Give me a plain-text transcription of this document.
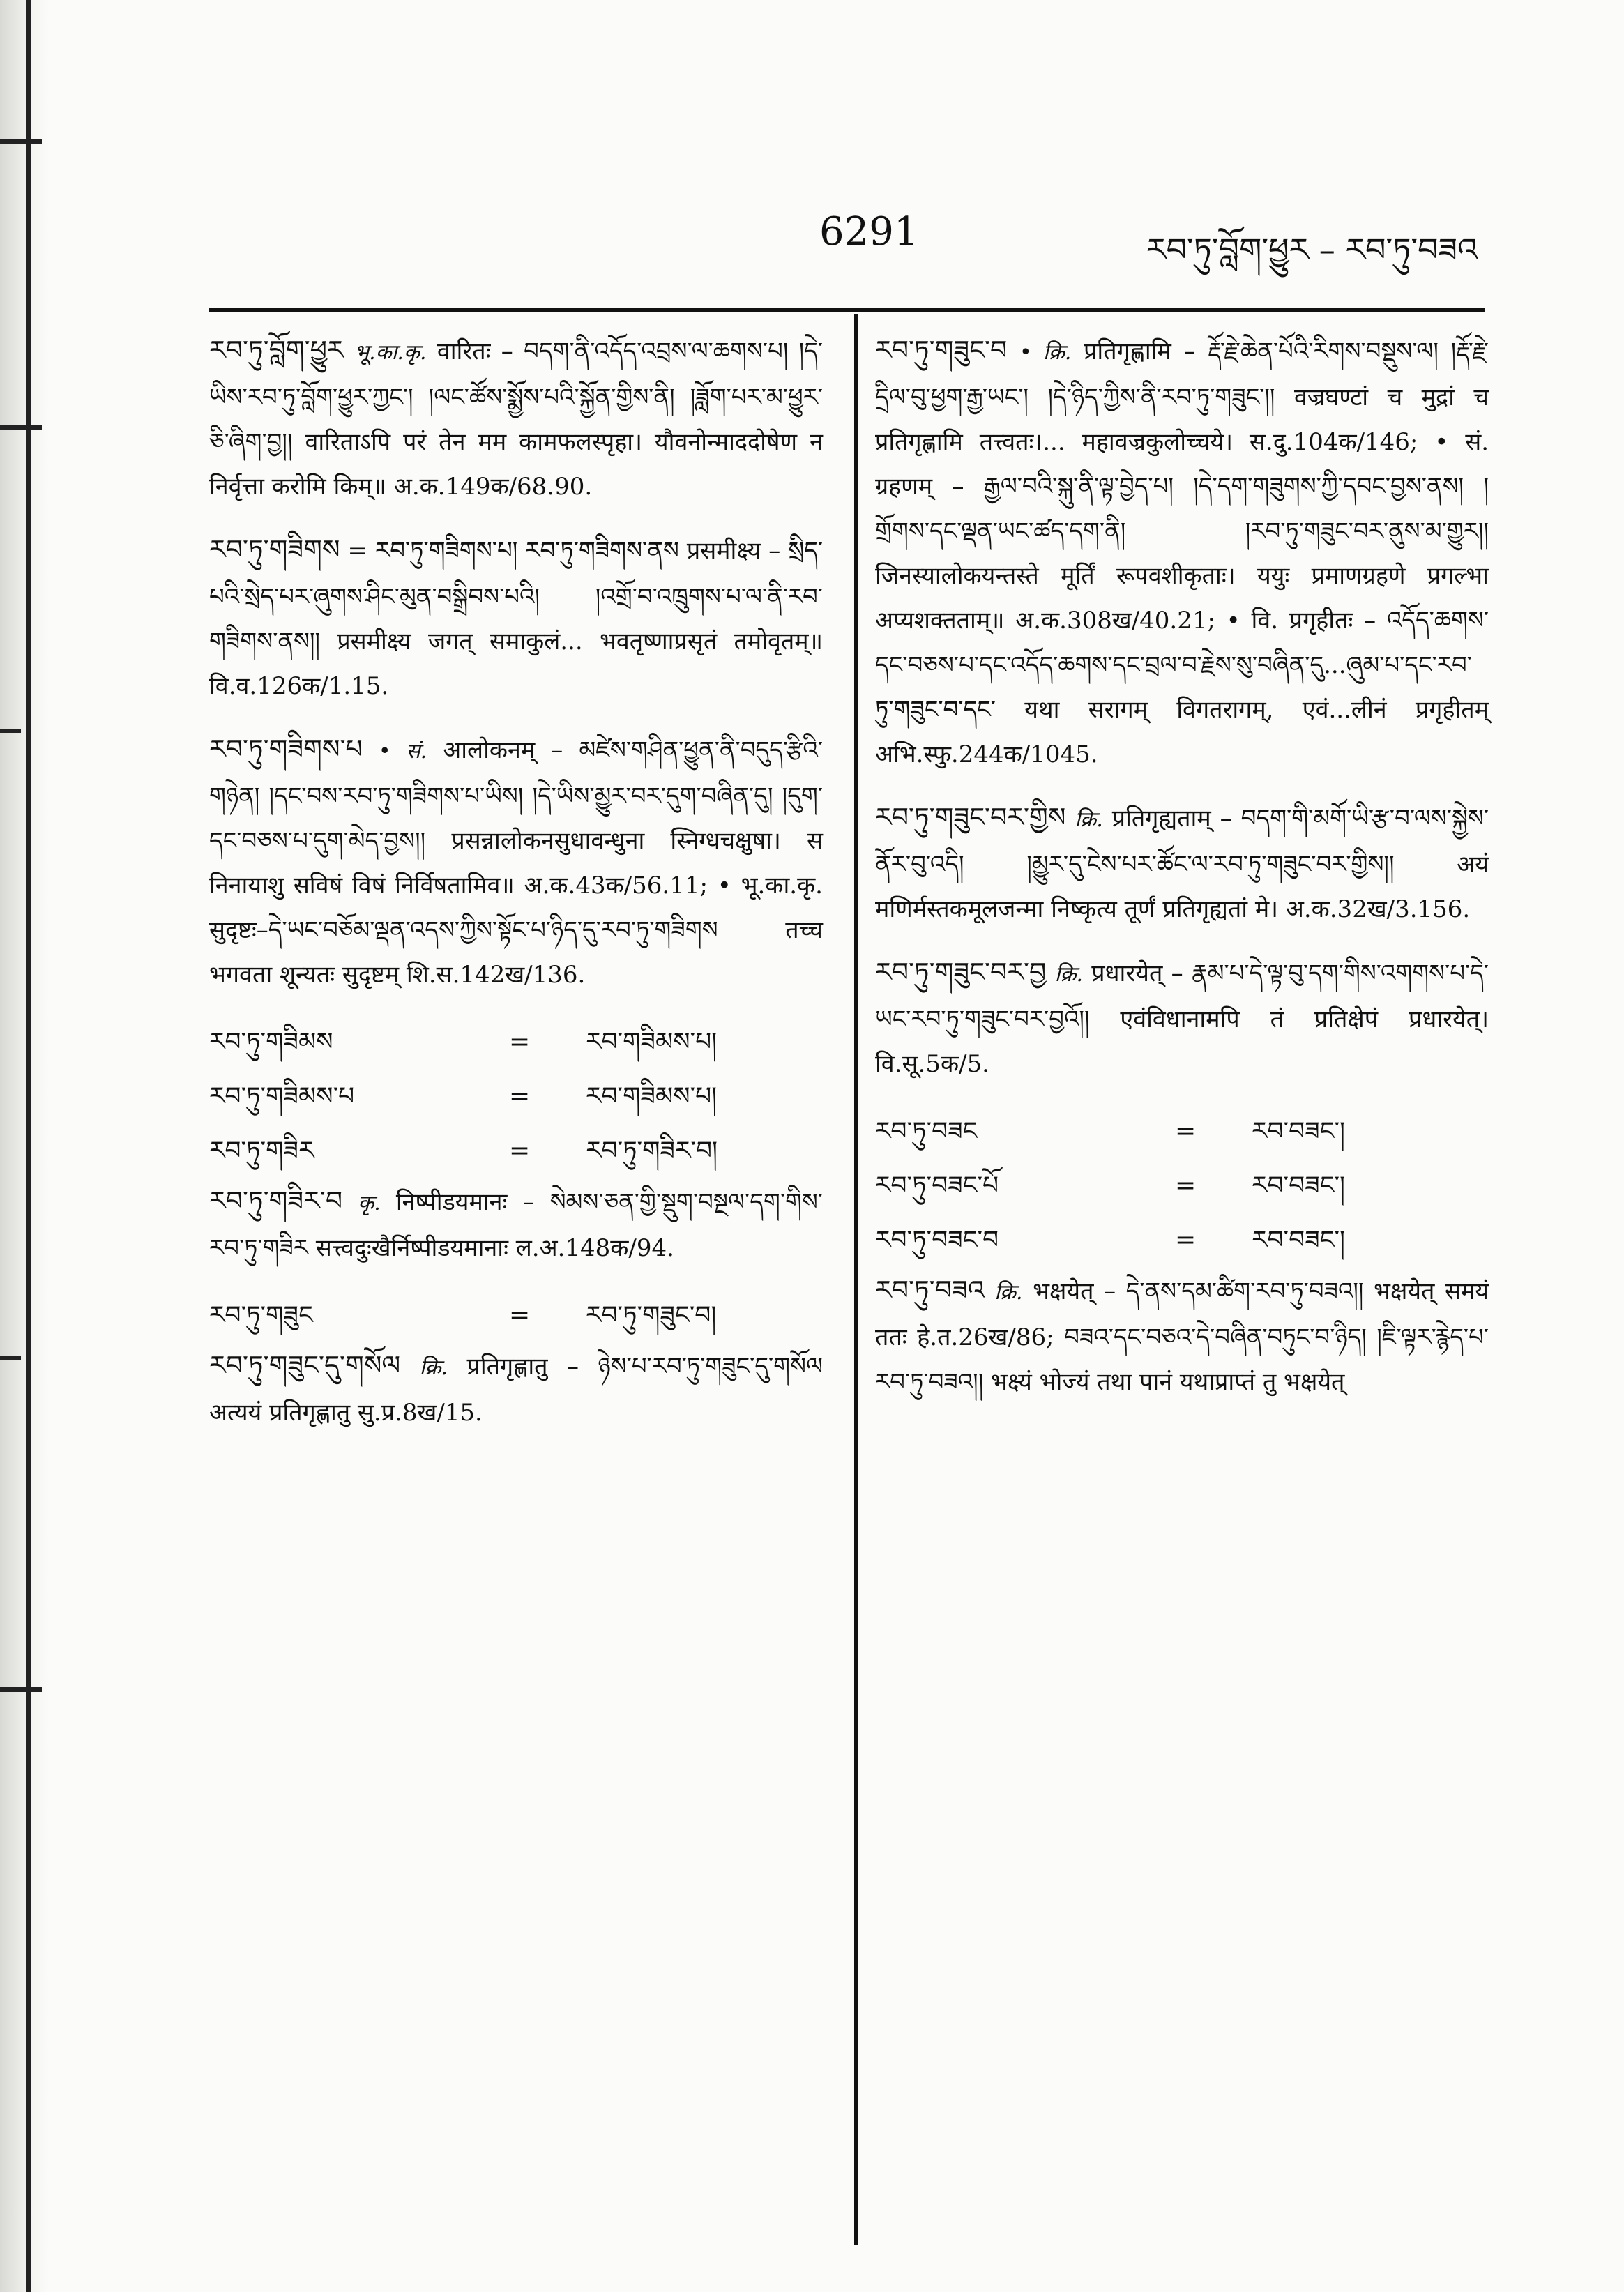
6291	རབ་ཏུ་བློག་ཕྱུར – རབ་ཏུ་བཟའ
རབ་ཏུ་བློག་ཕྱུར भू.का.कृ. वारितः – བདག་ནི་འདོད་འབྲས་ལ་ཆགས་པ། །དེ་ཡིས་རབ་ཏུ་བློག་ཕྱུར་ཀྱང་། །ལང་ཚོས་སྨྱོས་པའི་སྐྱོན་གྱིས་ནི། །ཟློག་པར་མ་ཕྱུར་ཅི་ཞིག་བྱ།། वारिताऽपि परं तेन मम कामफलस्पृहा। यौवनोन्माददोषेण न निर्वृत्ता करोमि किम्॥ अ.क.149क/68.90.
རབ་ཏུ་གཟིགས = རབ་ཏུ་གཟིགས་པ། རབ་ཏུ་གཟིགས་ནས प्रसमीक्ष्य – སྲིད་པའི་སྲེད་པར་ཞུགས་ཤིང་མུན་བསྒྲིབས་པའི། །འགྲོ་བ་འཁྲུགས་པ་ལ་ནི་རབ་གཟིགས་ནས།། प्रसमीक्ष्य जगत् समाकुलं... भवतृष्णाप्रसृतं तमोवृतम्॥ वि.व.126क/1.15.
རབ་ཏུ་གཟིགས་པ • सं. आलोकनम् – མཛེས་གཤིན་ཕྱུན་ནི་བདུད་རྩིའི་གཉེན། །དང་བས་རབ་ཏུ་གཟིགས་པ་ཡིས། །དེ་ཡིས་མྱུར་བར་དུག་བཞིན་དུ། །དུག་དང་བཅས་པ་དུག་མེད་བྱས།། प्रसन्नालोकनसुधावन्धुना स्निग्धचक्षुषा। स निनायाशु सविषं विषं निर्विषतामिव॥ अ.क.43क/56.11; • भू.का.कृ. सुदृष्टः–དེ་ཡང་བཅོམ་ལྡན་འདས་ཀྱིས་སྟོང་པ་ཉིད་དུ་རབ་ཏུ་གཟིགས तच्च भगवता शून्यतः सुदृष्टम् शि.स.142ख/136.
རབ་ཏུ་གཟིམས	=	རབ་གཟིམས་པ།
རབ་ཏུ་གཟིམས་པ	=	རབ་གཟིམས་པ།
རབ་ཏུ་གཟིར	=	རབ་ཏུ་གཟིར་བ།
རབ་ཏུ་གཟིར་བ कृ. निष्पीडयमानः – སེམས་ཅན་གྱི་སྡུག་བསྔལ་དག་གིས་རབ་ཏུ་གཟིར सत्त्वदुःखैर्निष्पीडयमानाः ल.अ.148क/94.
རབ་ཏུ་གཟུང	=	རབ་ཏུ་གཟུང་བ།
རབ་ཏུ་གཟུང་དུ་གསོལ क्रि. प्रतिगृह्णातु – ཉེས་པ་རབ་ཏུ་གཟུང་དུ་གསོལ अत्ययं प्रतिगृह्णातु सु.प्र.8ख/15.
རབ་ཏུ་གཟུང་བ • क्रि. प्रतिगृह्णामि – རྡོ་རྗེ་ཆེན་པོའི་རིགས་བསྡུས་ལ། །རྡོ་རྗེ་དྲིལ་བུ་ཕྱག་རྒྱ་ཡང་། །དེ་ཉིད་ཀྱིས་ནི་རབ་ཏུ་གཟུང་།། वज्रघण्टां च मुद्रां च प्रतिगृह्णामि तत्त्वतः।... महावज्रकुलोच्चये। स.दु.104क/146; • सं. ग्रहणम् – རྒྱལ་བའི་སྐུ་ནི་ལྟ་བྱེད་པ། །དེ་དག་གཟུགས་ཀྱི་དབང་བྱས་ནས། །གྲོགས་དང་ལྡན་ཡང་ཚད་དག་ནི། །རབ་ཏུ་གཟུང་བར་ནུས་མ་གྱུར།། जिनस्यालोकयन्तस्ते मूर्तिं रूपवशीकृताः। ययुः प्रमाणग्रहणे प्रगल्भा अप्यशक्तताम्॥ अ.क.308ख/40.21; • वि. प्रगृहीतः – འདོད་ཆགས་དང་བཅས་པ་དང་འདོད་ཆགས་དང་བྲལ་བ་རྗེས་སུ་བཞིན་དུ...ཞུམ་པ་དང་རབ་ཏུ་གཟུང་བ་དང་ यथा सरागम् विगतरागम्, एवं...लीनं प्रगृहीतम् अभि.स्फु.244क/1045.
རབ་ཏུ་གཟུང་བར་གྱིས क्रि. प्रतिगृह्यताम् – བདག་གི་མགོ་ཡི་རྩ་བ་ལས་སྐྱེས་ནོར་བུ་འདི། །མྱུར་དུ་ངེས་པར་ཚོང་ལ་རབ་ཏུ་གཟུང་བར་གྱིས།། अयं मणिर्मस्तकमूलजन्मा निष्कृत्य तूर्णं प्रतिगृह्यतां मे। अ.क.32ख/3.156.
རབ་ཏུ་གཟུང་བར་བྱ क्रि. प्रधारयेत् – རྣམ་པ་དེ་ལྟ་བུ་དག་གིས་འགགས་པ་དེ་ཡང་རབ་ཏུ་གཟུང་བར་བྱའོ།། एवंविधानामपि तं प्रतिक्षेपं प्रधारयेत्। वि.सू.5क/5.
རབ་ཏུ་བཟང	=	རབ་བཟང་།
རབ་ཏུ་བཟང་པོ	=	རབ་བཟང་།
རབ་ཏུ་བཟང་བ	=	རབ་བཟང་།
རབ་ཏུ་བཟའ क्रि. भक्षयेत् – དེ་ནས་དམ་ཚིག་རབ་ཏུ་བཟའ།། भक्षयेत् समयं ततः हे.त.26ख/86; བཟའ་དང་བཅའ་དེ་བཞིན་བཏུང་བ་ཉིད། །ཇི་ལྟར་རྙེད་པ་རབ་ཏུ་བཟའ།། भक्ष्यं भोज्यं तथा पानं यथाप्राप्तं तु भक्षयेत्
